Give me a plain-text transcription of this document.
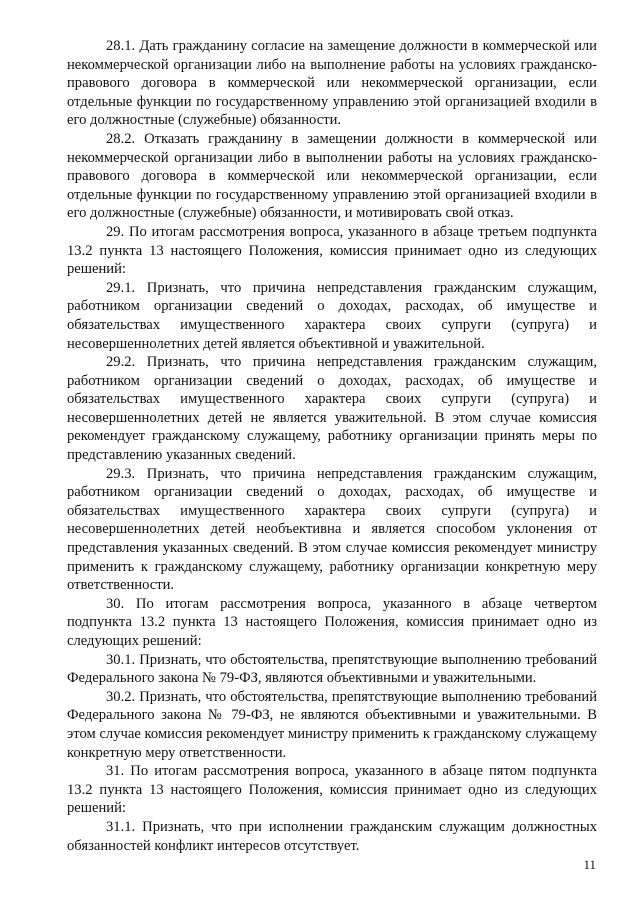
28.1. Дать гражданину согласие на замещение должности в коммерческой или некоммерческой организации либо на выполнение работы на условиях гражданско-правового договора в коммерческой или некоммерческой организации, если отдельные функции по государственному управлению этой организацией входили в его должностные (служебные) обязанности.

28.2. Отказать гражданину в замещении должности в коммерческой или некоммерческой организации либо в выполнении работы на условиях гражданско-правового договора в коммерческой или некоммерческой организации, если отдельные функции по государственному управлению этой организацией входили в его должностные (служебные) обязанности, и мотивировать свой отказ.

29. По итогам рассмотрения вопроса, указанного в абзаце третьем подпункта 13.2 пункта 13 настоящего Положения, комиссия принимает одно из следующих решений:

29.1. Признать, что причина непредставления гражданским служащим, работником организации сведений о доходах, расходах, об имуществе и обязательствах имущественного характера своих супруги (супруга) и несовершеннолетних детей является объективной и уважительной.

29.2. Признать, что причина непредставления гражданским служащим, работником организации сведений о доходах, расходах, об имуществе и обязательствах имущественного характера своих супруги (супруга) и несовершеннолетних детей не является уважительной. В этом случае комиссия рекомендует гражданскому служащему, работнику организации принять меры по представлению указанных сведений.

29.3. Признать, что причина непредставления гражданским служащим, работником организации сведений о доходах, расходах, об имуществе и обязательствах имущественного характера своих супруги (супруга) и несовершеннолетних детей необъективна и является способом уклонения от представления указанных сведений. В этом случае комиссия рекомендует министру применить к гражданскому служащему, работнику организации конкретную меру ответственности.

30. По итогам рассмотрения вопроса, указанного в абзаце четвертом подпункта 13.2 пункта 13 настоящего Положения, комиссия принимает одно из следующих решений:

30.1. Признать, что обстоятельства, препятствующие выполнению требований Федерального закона № 79-ФЗ, являются объективными и уважительными.

30.2. Признать, что обстоятельства, препятствующие выполнению требований Федерального закона № 79-ФЗ, не являются объективными и уважительными. В этом случае комиссия рекомендует министру применить к гражданскому служащему конкретную меру ответственности.

31. По итогам рассмотрения вопроса, указанного в абзаце пятом подпункта 13.2 пункта 13 настоящего Положения, комиссия принимает одно из следующих решений:

31.1. Признать, что при исполнении гражданским служащим должностных обязанностей конфликт интересов отсутствует.

11
